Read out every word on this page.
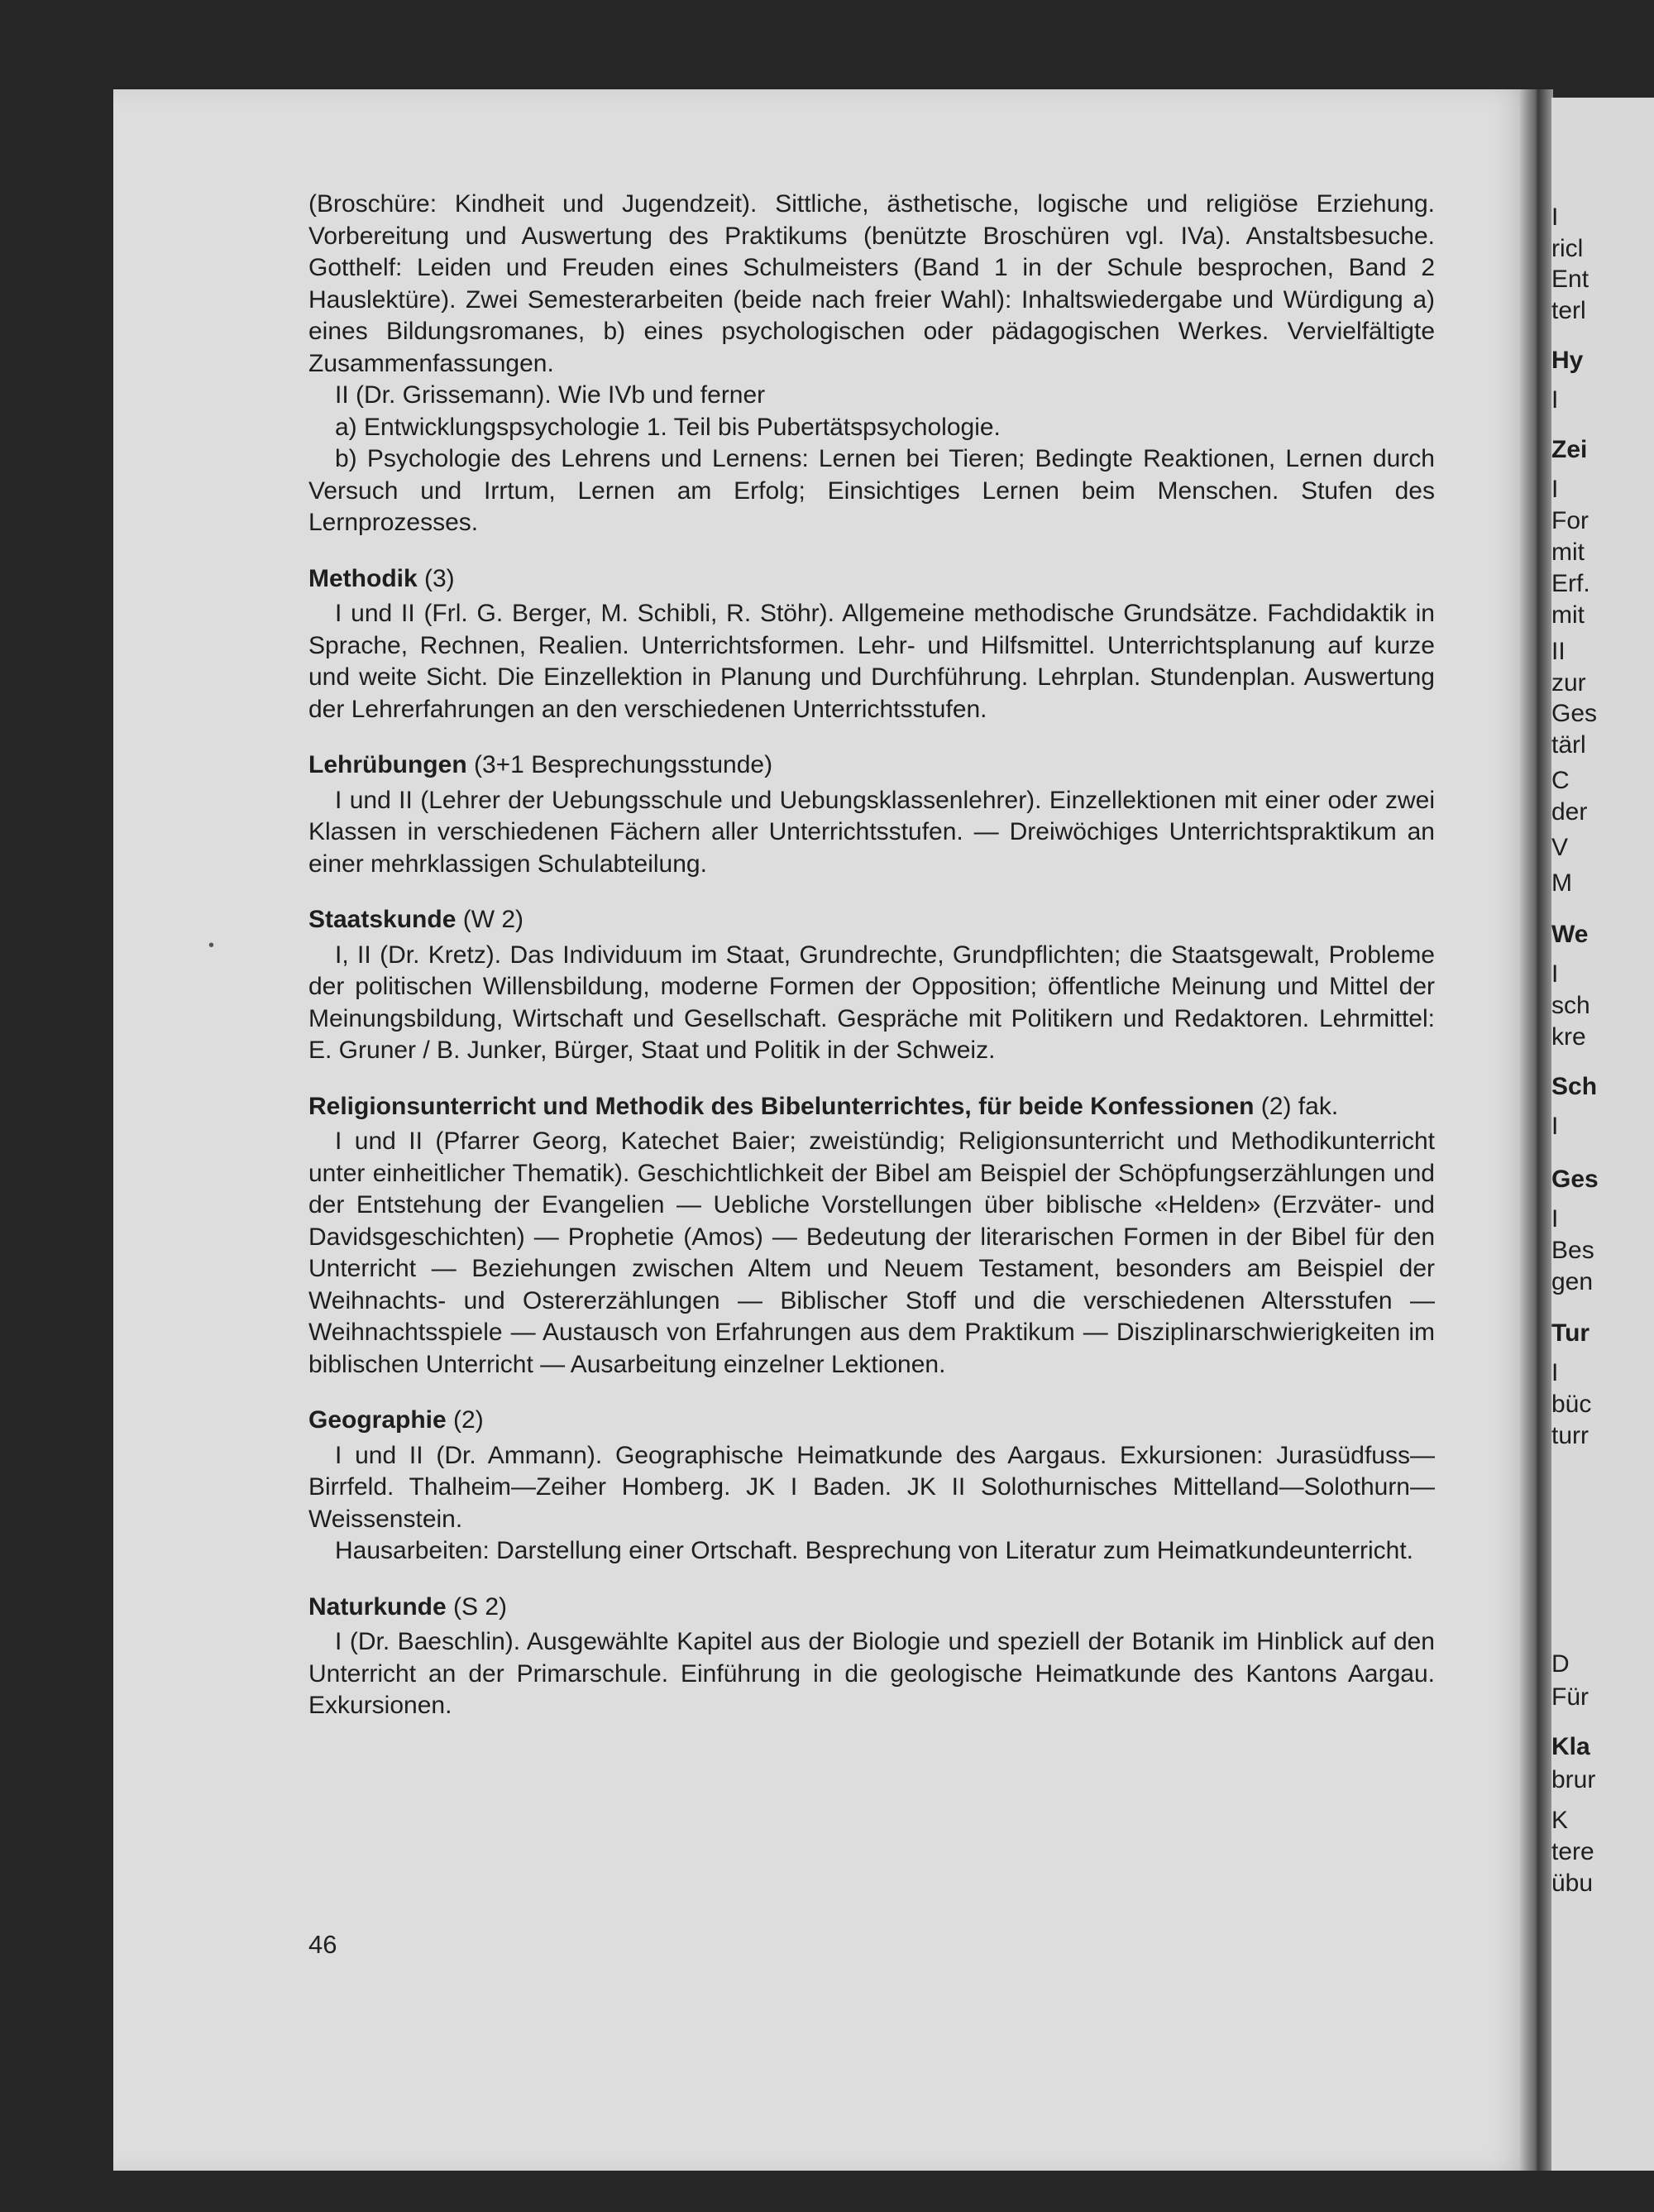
I
ricl
Ent
terl
Hy
I
Zei
I
For
mit
Erf.
mit
II
zur
Ges
tärl
C
der
V
M
We
I
sch
kre
Sch
I
Ges
I
Bes
gen
Tur
I
büc
turr
D
Für
Kla
brur
K
tere
übu
•

(Broschüre: Kindheit und Jugendzeit). Sittliche, ästhetische, logische und religiöse Erziehung. Vorbereitung und Auswertung des Praktikums (benützte Broschüren vgl. IVa). Anstaltsbesuche. Gotthelf: Leiden und Freuden eines Schulmeisters (Band 1 in der Schule besprochen, Band 2 Hauslektüre). Zwei Semesterarbeiten (beide nach freier Wahl): Inhaltswiedergabe und Würdigung a) eines Bildungsromanes, b) eines psychologischen oder pädagogischen Werkes. Vervielfältigte Zusammenfassungen.

II (Dr. Grissemann). Wie IVb und ferner

a) Entwicklungspsychologie 1. Teil bis Pubertätspsychologie.

b) Psychologie des Lehrens und Lernens: Lernen bei Tieren; Bedingte Reaktionen, Lernen durch Versuch und Irrtum, Lernen am Erfolg; Einsichtiges Lernen beim Menschen. Stufen des Lernprozesses.

Methodik (3)

I und II (Frl. G. Berger, M. Schibli, R. Stöhr). Allgemeine methodische Grundsätze. Fachdidaktik in Sprache, Rechnen, Realien. Unterrichtsformen. Lehr- und Hilfsmittel. Unterrichtsplanung auf kurze und weite Sicht. Die Einzellektion in Planung und Durchführung. Lehrplan. Stundenplan. Auswertung der Lehrerfahrungen an den verschiedenen Unterrichtsstufen.

Lehrübungen (3+1 Besprechungsstunde)

I und II (Lehrer der Uebungsschule und Uebungsklassenlehrer). Einzellektionen mit einer oder zwei Klassen in verschiedenen Fächern aller Unterrichtsstufen. — Dreiwöchiges Unterrichtspraktikum an einer mehrklassigen Schulabteilung.

Staatskunde (W 2)

I, II (Dr. Kretz). Das Individuum im Staat, Grundrechte, Grundpflichten; die Staatsgewalt, Probleme der politischen Willensbildung, moderne Formen der Opposition; öffentliche Meinung und Mittel der Meinungsbildung, Wirtschaft und Gesellschaft. Gespräche mit Politikern und Redaktoren. Lehrmittel: E. Gruner / B. Junker, Bürger, Staat und Politik in der Schweiz.

Religionsunterricht und Methodik des Bibelunterrichtes, für beide Konfessionen (2) fak.

I und II (Pfarrer Georg, Katechet Baier; zweistündig; Religionsunterricht und Methodikunterricht unter einheitlicher Thematik). Geschichtlichkeit der Bibel am Beispiel der Schöpfungserzählungen und der Entstehung der Evangelien — Uebliche Vorstellungen über biblische «Helden» (Erzväter- und Davidsgeschichten) — Prophetie (Amos) — Bedeutung der literarischen Formen in der Bibel für den Unterricht — Beziehungen zwischen Altem und Neuem Testament, besonders am Beispiel der Weihnachts- und Ostererzählungen — Biblischer Stoff und die verschiedenen Altersstufen — Weihnachtsspiele — Austausch von Erfahrungen aus dem Praktikum — Disziplinarschwierigkeiten im biblischen Unterricht — Ausarbeitung einzelner Lektionen.

Geographie (2)

I und II (Dr. Ammann). Geographische Heimatkunde des Aargaus. Exkursionen: Jurasüdfuss—Birrfeld. Thalheim—Zeiher Homberg. JK I Baden. JK II Solothurnisches Mittelland—Solothurn—Weissenstein.

Hausarbeiten: Darstellung einer Ortschaft. Besprechung von Literatur zum Heimatkundeunterricht.

Naturkunde (S 2)

I (Dr. Baeschlin). Ausgewählte Kapitel aus der Biologie und speziell der Botanik im Hinblick auf den Unterricht an der Primarschule. Einführung in die geologische Heimatkunde des Kantons Aargau. Exkursionen.

46
